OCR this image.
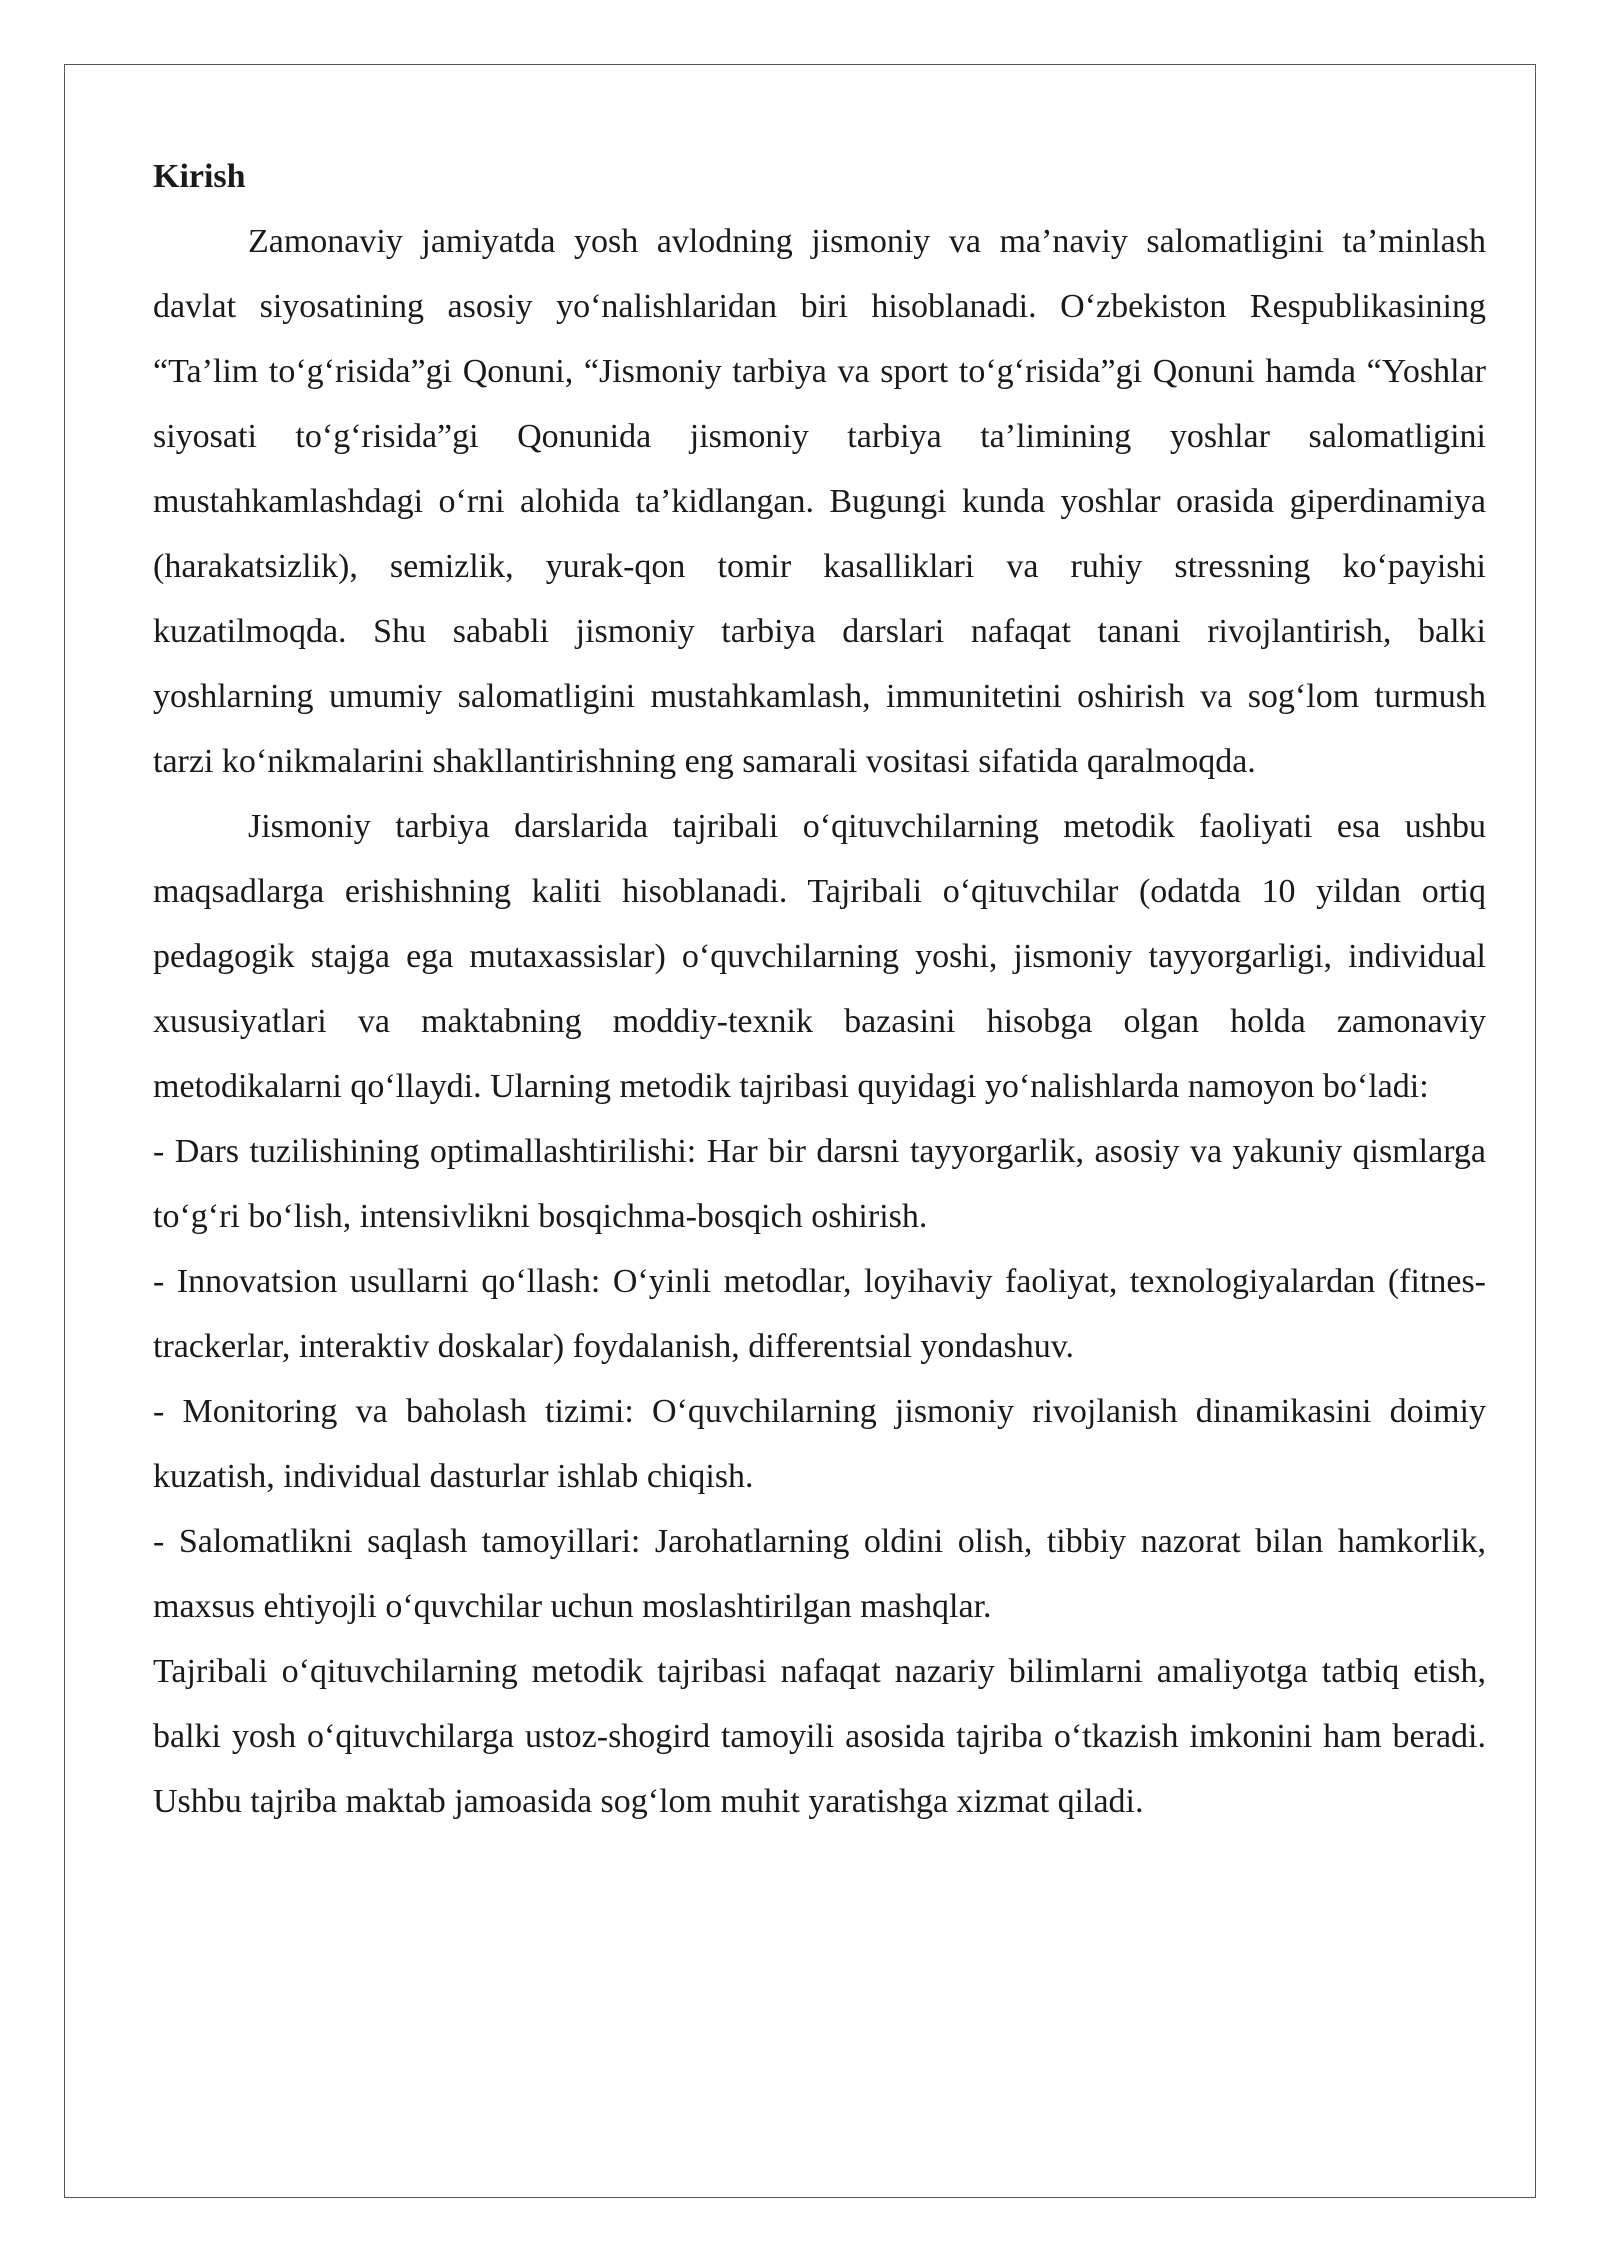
Kirish

Zamonaviy jamiyatda yosh avlodning jismoniy va ma’naviy salomatligini ta’minlash davlat siyosatining asosiy yo‘nalishlaridan biri hisoblanadi. O‘zbekiston Respublikasining “Ta’lim to‘g‘risida”gi Qonuni, “Jismoniy tarbiya va sport to‘g‘risida”gi Qonuni hamda “Yoshlar siyosati to‘g‘risida”gi Qonunida jismoniy tarbiya ta’limining yoshlar salomatligini mustahkamlashdagi o‘rni alohida ta’kidlangan. Bugungi kunda yoshlar orasida giperdinamiya (harakatsizlik), semizlik, yurak-qon tomir kasalliklari va ruhiy stressning ko‘payishi kuzatilmoqda. Shu sababli jismoniy tarbiya darslari nafaqat tanani rivojlantirish, balki yoshlarning umumiy salomatligini mustahkamlash, immunitetini oshirish va sog‘lom turmush tarzi ko‘nikmalarini shakllantirishning eng samarali vositasi sifatida qaralmoqda.

Jismoniy tarbiya darslarida tajribali o‘qituvchilarning metodik faoliyati esa ushbu maqsadlarga erishishning kaliti hisoblanadi. Tajribali o‘qituvchilar (odatda 10 yildan ortiq pedagogik stajga ega mutaxassislar) o‘quvchilarning yoshi, jismoniy tayyorgarligi, individual xususiyatlari va maktabning moddiy-texnik bazasini hisobga olgan holda zamonaviy metodikalarni qo‘llaydi. Ularning metodik tajribasi quyidagi yo‘nalishlarda namoyon bo‘ladi:

- Dars tuzilishining optimallashtirilishi: Har bir darsni tayyorgarlik, asosiy va yakuniy qismlarga to‘g‘ri bo‘lish, intensivlikni bosqichma-bosqich oshirish.

- Innovatsion usullarni qo‘llash: O‘yinli metodlar, loyihaviy faoliyat, texnologiyalardan (fitnes-trackerlar, interaktiv doskalar) foydalanish, differentsial yondashuv.

- Monitoring va baholash tizimi: O‘quvchilarning jismoniy rivojlanish dinamikasini doimiy kuzatish, individual dasturlar ishlab chiqish.

- Salomatlikni saqlash tamoyillari: Jarohatlarning oldini olish, tibbiy nazorat bilan hamkorlik, maxsus ehtiyojli o‘quvchilar uchun moslashtirilgan mashqlar.

Tajribali o‘qituvchilarning metodik tajribasi nafaqat nazariy bilimlarni amaliyotga tatbiq etish, balki yosh o‘qituvchilarga ustoz-shogird tamoyili asosida tajriba o‘tkazish imkonini ham beradi. Ushbu tajriba maktab jamoasida sog‘lom muhit yaratishga xizmat qiladi.
